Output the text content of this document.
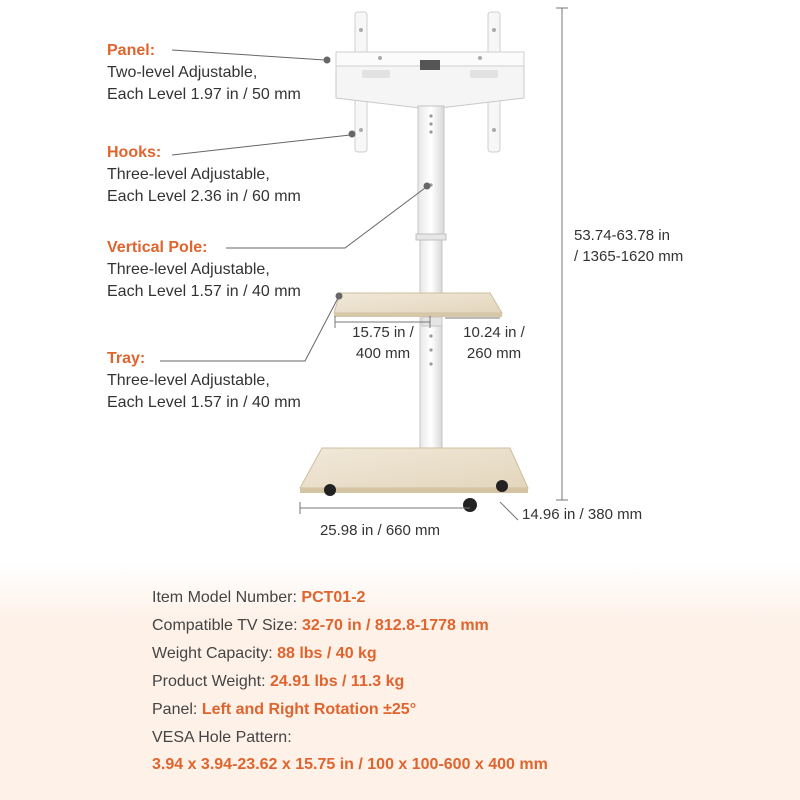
Panel:
Two-level Adjustable,
Each Level 1.97 in / 50 mm
Hooks:
Three-level Adjustable,
Each Level 2.36 in / 60 mm
Vertical Pole:
Three-level Adjustable,
Each Level 1.57 in / 40 mm
Tray:
Three-level Adjustable,
Each Level 1.57 in / 40 mm
53.74-63.78 in
/ 1365-1620 mm
15.75 in /
400 mm
10.24 in /
260 mm
25.98 in / 660 mm
14.96 in / 380 mm
Item Model Number: PCT01-2
Compatible TV Size: 32-70 in / 812.8-1778 mm
Weight Capacity: 88 lbs / 40 kg
Product Weight: 24.91 lbs / 11.3 kg
Panel: Left and Right Rotation ±25°
VESA Hole Pattern:
3.94 x 3.94-23.62 x 15.75 in / 100 x 100-600 x 400 mm
